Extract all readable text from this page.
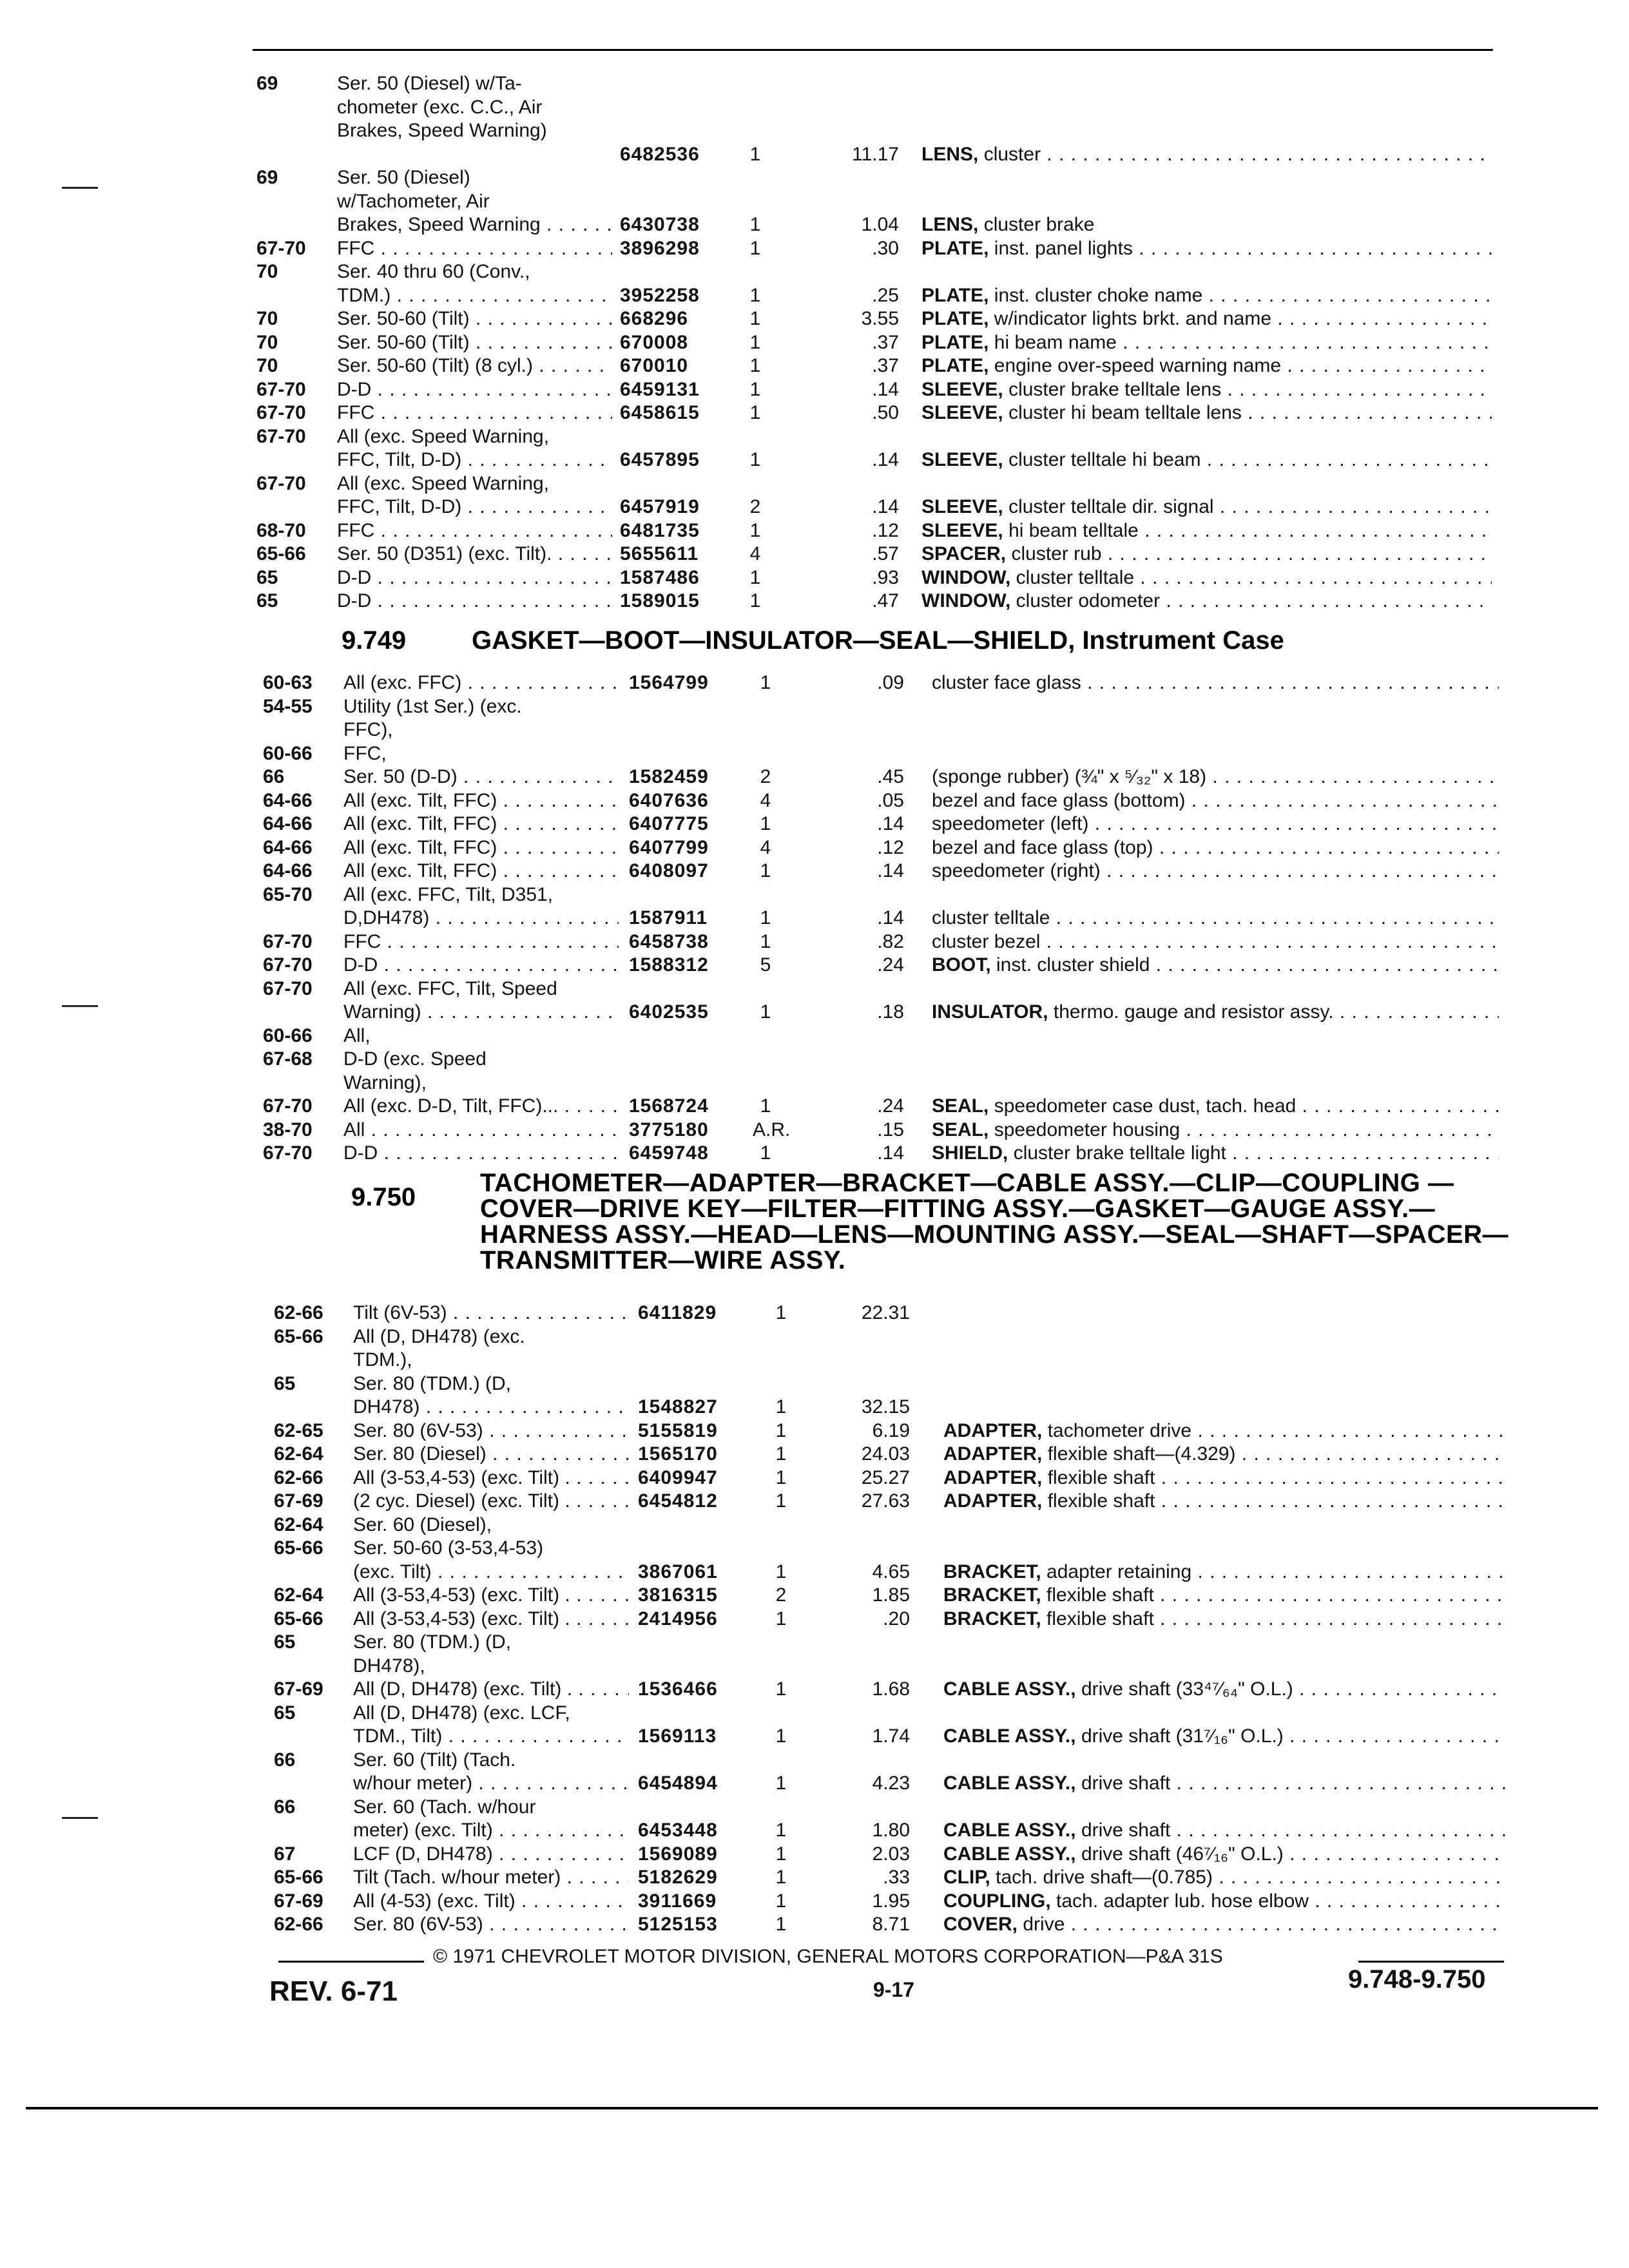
69	Ser. 50 (Diesel) w/Ta-
chometer (exc. C.C., Air
Brakes, Speed Warning)
6482536	1	11.17 LENS, cluster . . .
69	Ser. 50 (Diesel)
w/Tachometer, Air
Brakes, Speed Warning . . .	6430738	1	1.04 LENS, cluster brake
67-70 FFC . . .	3896298	1	.30 PLATE, inst. panel lights . . .
70	Ser. 40 thru 60 (Conv.,
TDM.) . . .	3952258	1	.25 PLATE, inst. cluster choke name . . .
70	Ser. 50-60 (Tilt) . . .	668296	1	3.55 PLATE, w/indicator lights brkt. and name . . .
70	Ser. 50-60 (Tilt) . . .	670008	1	.37 PLATE, hi beam name . . .
70	Ser. 50-60 (Tilt) (8 cyl.) . . .	670010	1	.37 PLATE, engine over-speed warning name . . .
67-70 D-D . . .	6459131	1	.14 SLEEVE, cluster brake telltale lens . . .
67-70 FFC . . .	6458615	1	.50 SLEEVE, cluster hi beam telltale lens . . .
67-70 All (exc. Speed Warning,
FFC, Tilt, D-D) . . .	6457895	1	.14 SLEEVE, cluster telltale hi beam . . .
67-70 All (exc. Speed Warning,
FFC, Tilt, D-D) . . .	6457919	2	.14 SLEEVE, cluster telltale dir. signal . . .
68-70 FFC . . .	6481735	1	.12 SLEEVE, hi beam telltale . . .
65-66 Ser. 50 (D351) (exc. Tilt). . . .	5655611	4	.57 SPACER, cluster rub . . .
65	D-D . . .	1587486	1	.93 WINDOW, cluster telltale . . .
65	D-D . . .	1589015	1	.47 WINDOW, cluster odometer . . .
9.749	GASKET—BOOT—INSULATOR—SEAL—SHIELD, Instrument Case
60-63 All (exc. FFC) . . .	1564799	1	.09 cluster face glass . . .
54-55 Utility (1st Ser.) (exc.
FFC),
60-66 FFC,
66	Ser. 50 (D-D) . . .	1582459	2	.45 (sponge rubber) (¾" x ⁵⁄₃₂" x 18) . . .
64-66 All (exc. Tilt, FFC) . . .	6407636	4	.05 bezel and face glass (bottom) . . .
64-66 All (exc. Tilt, FFC) . . .	6407775	1	.14 speedometer (left) . . .
64-66 All (exc. Tilt, FFC) . . .	6407799	4	.12 bezel and face glass (top) . . .
64-66 All (exc. Tilt, FFC) . . .	6408097	1	.14 speedometer (right) . . .
65-70 All (exc. FFC, Tilt, D351,
D,DH478) . . .	1587911	1	.14 cluster telltale . . .
67-70 FFC . . .	6458738	1	.82 cluster bezel . . .
67-70 D-D . . .	1588312	5	.24 BOOT, inst. cluster shield . . .
67-70 All (exc. FFC, Tilt, Speed
Warning) . . .	6402535	1	.18 INSULATOR, thermo. gauge and resistor assy. . . .
60-66 All,
67-68 D-D (exc. Speed
Warning),
67-70 All (exc. D-D, Tilt, FFC)... . . .	1568724	1	.24 SEAL, speedometer case dust, tach. head . . .
38-70 All . . .	3775180 A.R.	.15 SEAL, speedometer housing . . .
67-70 D-D . . .	6459748	1	.14 SHIELD, cluster brake telltale light . . .
9.750 TACHOMETER—ADAPTER—BRACKET—CABLE ASSY.—CLIP—COUPLING —COVER—DRIVE KEY—FILTER—FITTING ASSY.—GASKET—GAUGE ASSY.—HARNESS ASSY.—HEAD—LENS—MOUNTING ASSY.—SEAL—SHAFT—SPACER—TRANSMITTER—WIRE ASSY.
62-66 Tilt (6V-53) . . .	6411829	1	22.31
65-66 All (D, DH478) (exc.
TDM.),
65	Ser. 80 (TDM.) (D,
DH478) . . .	1548827	1	32.15
62-65 Ser. 80 (6V-53) . . .	5155819	1	6.19 ADAPTER, tachometer drive . . .
62-64 Ser. 80 (Diesel) . . .	1565170	1	24.03 ADAPTER, flexible shaft—(4.329) . . .
62-66 All (3-53,4-53) (exc. Tilt) . . . .	6409947	1	25.27 ADAPTER, flexible shaft . . .
67-69 (2 cyc. Diesel) (exc. Tilt) . . . .	6454812	1	27.63 ADAPTER, flexible shaft . . .
62-64 Ser. 60 (Diesel),
65-66 Ser. 50-60 (3-53,4-53)
(exc. Tilt) . . .	3867061	1	4.65 BRACKET, adapter retaining . . .
62-64 All (3-53,4-53) (exc. Tilt) . . . .	3816315	2	1.85 BRACKET, flexible shaft . . .
65-66 All (3-53,4-53) (exc. Tilt) . . . .	2414956	1	.20 BRACKET, flexible shaft . . .
65	Ser. 80 (TDM.) (D,
DH478),
67-69 All (D, DH478) (exc. Tilt) . . . .	1536466	1	1.68 CABLE ASSY., drive shaft (33⁴⁷⁄₆₄" O.L.) . . .
65	All (D, DH478) (exc. LCF,
TDM., Tilt) . . .	1569113	1	1.74 CABLE ASSY., drive shaft (31⁷⁄₁₆" O.L.) . . .
66	Ser. 60 (Tilt) (Tach.
w/hour meter) . . .	6454894	1	4.23 CABLE ASSY., drive shaft . . .
66	Ser. 60 (Tach. w/hour
meter) (exc. Tilt) . . .	6453448	1	1.80 CABLE ASSY., drive shaft . . .
67	LCF (D, DH478) . . .	1569089	1	2.03 CABLE ASSY., drive shaft (46⁷⁄₁₆" O.L.) . . .
65-66 Tilt (Tach. w/hour meter) . . .	5182629	1	.33 CLIP, tach. drive shaft—(0.785) . . .
67-69 All (4-53) (exc. Tilt) . . .	3911669	1	1.95 COUPLING, tach. adapter lub. hose elbow . . .
62-66 Ser. 80 (6V-53) . . .	5125153	1	8.71 COVER, drive . . .
© 1971 CHEVROLET MOTOR DIVISION, GENERAL MOTORS CORPORATION—P&A 31S
REV. 6-71	9-17	9.748-9.750
